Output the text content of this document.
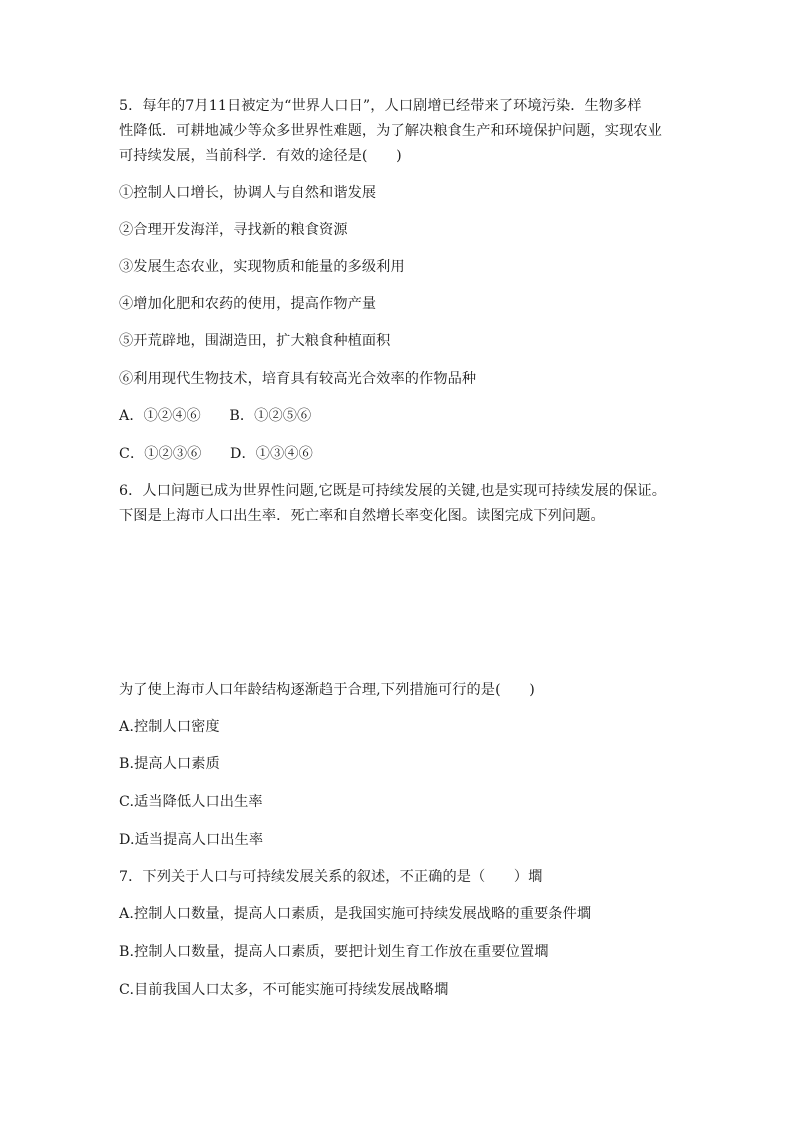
5．每年的7月11日被定为“世界人口日”，人口剧增已经带来了环境污染．生物多样
性降低．可耕地减少等众多世界性难题，为了解决粮食生产和环境保护问题，实现农业
可持续发展，当前科学．有效的途径是(　　)
①控制人口增长，协调人与自然和谐发展
②合理开发海洋，寻找新的粮食资源
③发展生态农业，实现物质和能量的多级利用
④增加化肥和农药的使用，提高作物产量
⑤开荒辟地，围湖造田，扩大粮食种植面积
⑥利用现代生物技术，培育具有较高光合效率的作物品种
A．①②④⑥　　B．①②⑤⑥
C．①②③⑥　　D．①③④⑥
6．人口问题已成为世界性问题,它既是可持续发展的关键,也是实现可持续发展的保证。
下图是上海市人口出生率．死亡率和自然增长率变化图。读图完成下列问题。
为了使上海市人口年龄结构逐渐趋于合理,下列措施可行的是(　　)
A.控制人口密度
B.提高人口素质
C.适当降低人口出生率
D.适当提高人口出生率
7．下列关于人口与可持续发展关系的叙述，不正确的是（　　）壛
A.控制人口数量，提高人口素质，是我国实施可持续发展战略的重要条件壛
B.控制人口数量，提高人口素质，要把计划生育工作放在重要位置壛
C.目前我国人口太多，不可能实施可持续发展战略壛
